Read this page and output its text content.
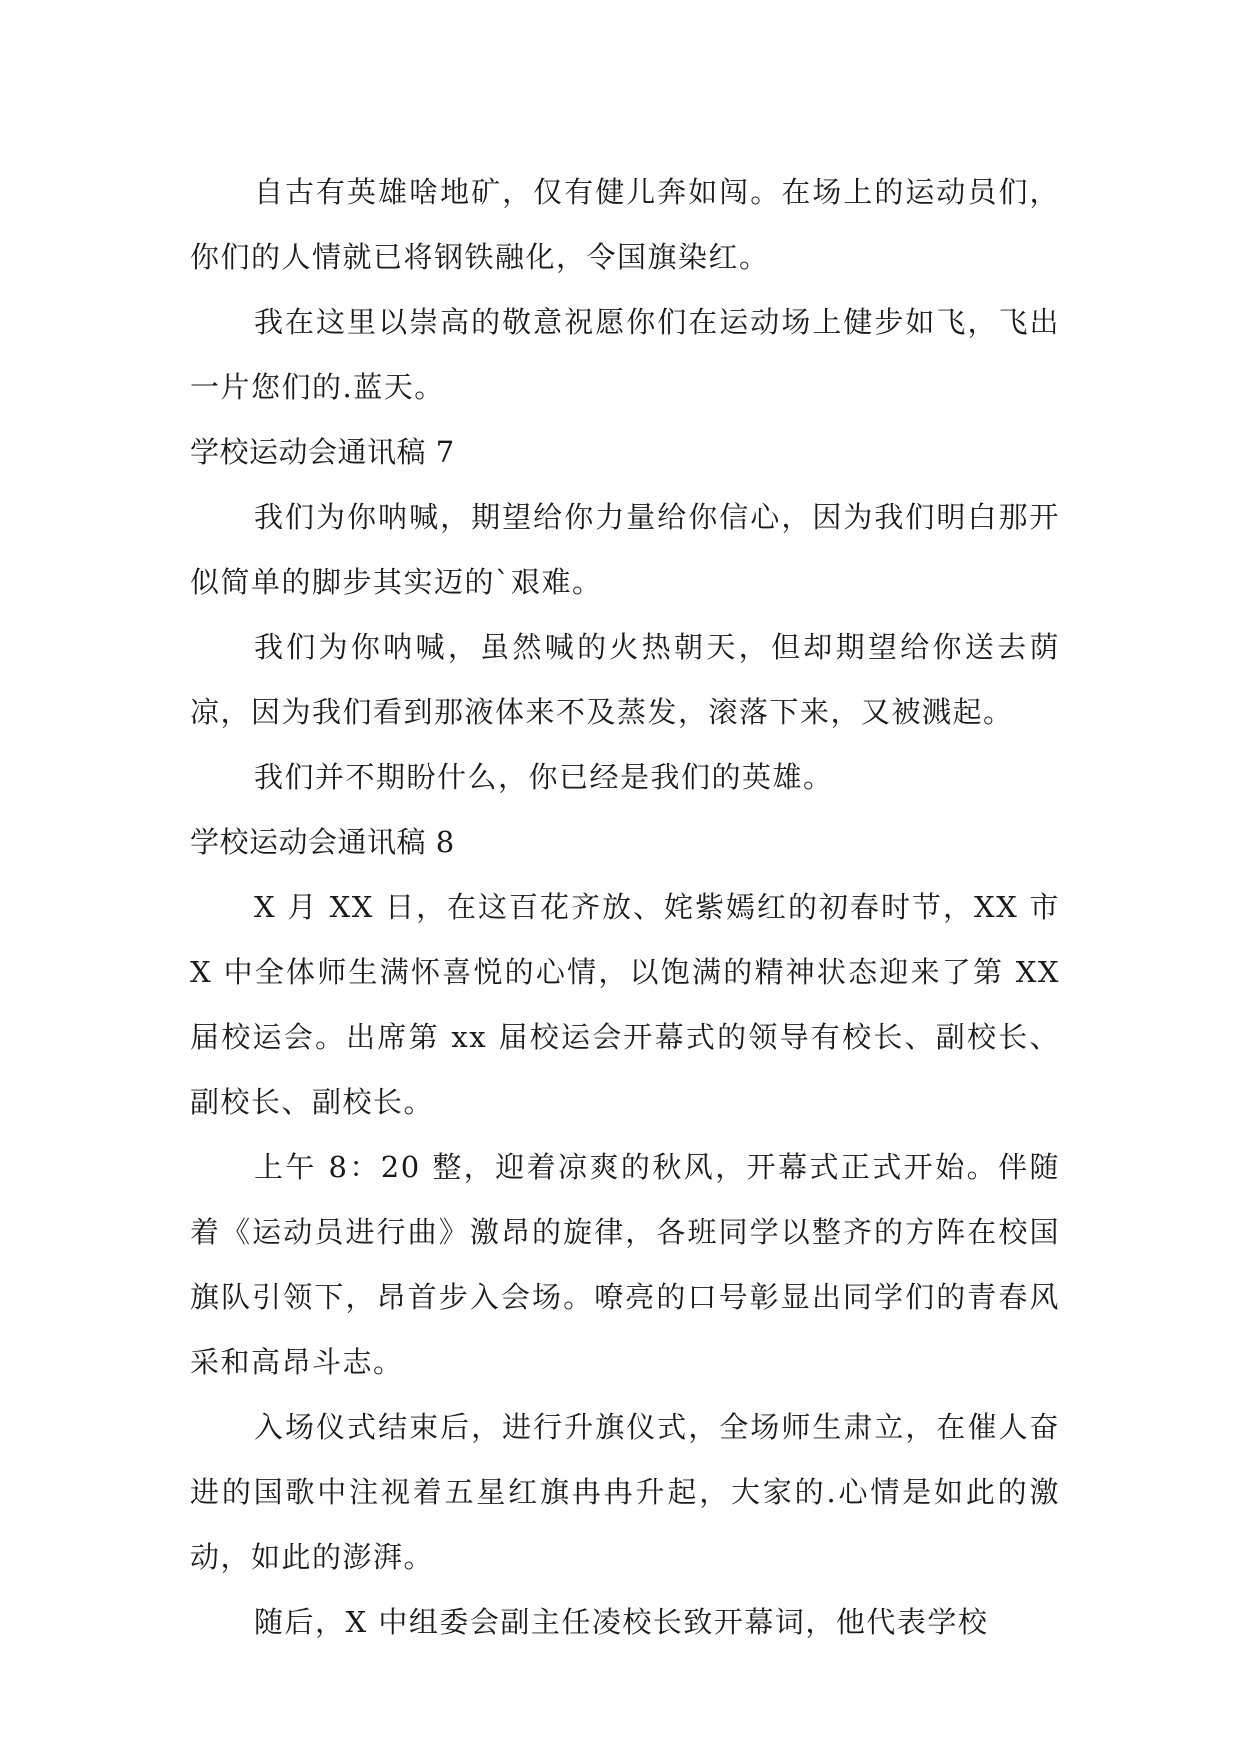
自古有英雄啥地矿，仅有健儿奔如闯。在场上的运动员们，你们的人情就已将钢铁融化，令国旗染红。

我在这里以崇高的敬意祝愿你们在运动场上健步如飞，飞出一片您们的.蓝天。

学校运动会通讯稿 7

我们为你呐喊，期望给你力量给你信心，因为我们明白那开似简单的脚步其实迈的`艰难。

我们为你呐喊，虽然喊的火热朝天，但却期望给你送去荫凉，因为我们看到那液体来不及蒸发，滚落下来，又被溅起。

我们并不期盼什么，你已经是我们的英雄。

学校运动会通讯稿 8

X 月 XX 日，在这百花齐放、姹紫嫣红的初春时节，XX 市 X 中全体师生满怀喜悦的心情，以饱满的精神状态迎来了第 XX 届校运会。出席第 xx 届校运会开幕式的领导有校长、副校长、副校长、副校长。

上午 8：20 整，迎着凉爽的秋风，开幕式正式开始。伴随着《运动员进行曲》激昂的旋律，各班同学以整齐的方阵在校国旗队引领下，昂首步入会场。嘹亮的口号彰显出同学们的青春风采和高昂斗志。

入场仪式结束后，进行升旗仪式，全场师生肃立，在催人奋进的国歌中注视着五星红旗冉冉升起，大家的.心情是如此的激动，如此的澎湃。

随后，X 中组委会副主任凌校长致开幕词，他代表学校
